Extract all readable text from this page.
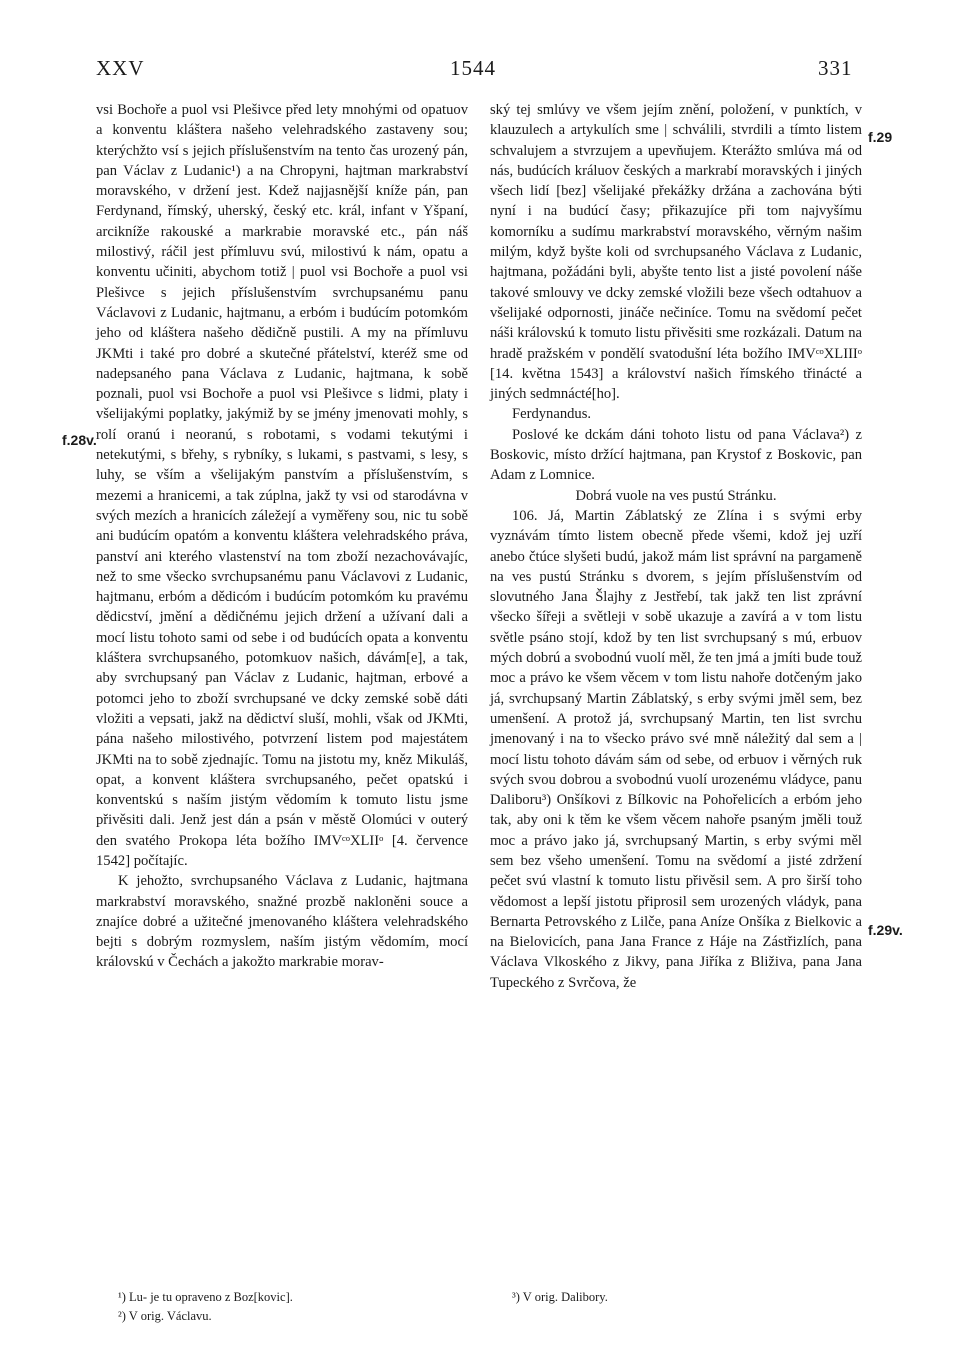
XXV	1544	331
f.28v.
f.29
f.29v.

vsi Bochoře a puol vsi Plešivce před lety mnohými od opatuov a konventu kláštera našeho velehradského zastaveny sou; kterýchžto vsí s jejich příslušenstvím na tento čas urozený pán, pan Václav z Ludanic¹) a na Chropyni, hajtman markrabství moravského, v držení jest. Kdež najjasnější kníže pán, pan Ferdynand, římský, uherský, český etc. král, infant v Yšpaní, arcikníže rakouské a markrabie moravské etc., pán náš milostivý, ráčil jest přímluvu svú, milostivú k nám, opatu a konventu učiniti, abychom totiž | puol vsi Bochoře a puol vsi Plešivce s jejich příslušenstvím svrchupsanému panu Václavovi z Ludanic, hajtmanu, a erbóm i budúcím potomkóm jeho od kláštera našeho dědičně pustili. A my na přímluvu JKMti i také pro dobré a skutečné přátelství, kteréž sme od nadepsaného pana Václava z Ludanic, hajtmana, k sobě poznali, puol vsi Bochoře a puol vsi Plešivce s lidmi, platy i všelijakými poplatky, jakýmiž by se jmény jmenovati mohly, s rolí oranú i neoranú, s robotami, s vodami tekutými i netekutými, s břehy, s rybníky, s lukami, s pastvami, s lesy, s luhy, se vším a všelijakým panstvím a příslušenstvím, s mezemi a hranicemi, a tak zúplna, jakž ty vsi od starodávna v svých mezích a hranicích záležejí a vyměřeny sou, nic tu sobě ani budúcím opatóm a konventu kláštera velehradského práva, panství ani kterého vlastenství na tom zboží nezachovávajíc, než to sme všecko svrchupsanému panu Václavovi z Ludanic, hajtmanu, erbóm a dědicóm i budúcím potomkóm ku pravému dědicství, jmění a dědičnému jejich držení a užívaní dali a mocí listu tohoto sami od sebe i od budúcích opata a konventu kláštera svrchupsaného, potomkuov našich, dávám[e], a tak, aby svrchupsaný pan Václav z Ludanic, hajtman, erbové a potomci jeho to zboží svrchupsané ve dcky zemské sobě dáti vložiti a vepsati, jakž na dědictví sluší, mohli, však od JKMti, pána našeho milostivého, potvrzení listem pod majestátem JKMti na to sobě zjednajíc. Tomu na jistotu my, kněz Mikuláš, opat, a konvent kláštera svrchupsaného, pečet opatskú i konventskú s naším jistým vědomím k tomuto listu jsme přivěsiti dali. Jenž jest dán a psán v městě Olomúci v outerý den svatého Prokopa léta božího IMVᶜᵒXLIIᵒ [4. července 1542] počítajíc.

K jehožto, svrchupsaného Václava z Ludanic, hajtmana markrabství moravského, snažné prozbě nakloněni souce a znajíce dobré a užitečné jmenovaného kláštera velehradského bejti s dobrým rozmyslem, naším jistým vědomím, mocí královskú v Čechách a jakožto markrabie morav-

ský tej smlúvy ve všem jejím znění, položení, v punktích, v klauzulech a artykulích sme | schválili, stvrdili a tímto listem schvalujem a stvrzujem a upevňujem. Kterážto smlúva má od nás, budúcích králuov českých a markrabí moravských i jiných všech lidí [bez] všelijaké překážky držána a zachována býti nyní i na budúcí časy; přikazujíce při tom najvyšímu komorníku a sudímu markrabství moravského, věrným našim milým, když byšte koli od svrchupsaného Václava z Ludanic, hajtmana, požádáni byli, abyšte tento list a jisté povolení náše takové smlouvy ve dcky zemské vložili beze všech odtahuov a všelijaké odpornosti, jináče nečiníce. Tomu na svědomí pečet náši královskú k tomuto listu přivěsiti sme rozkázali. Datum na hradě pražském v pondělí svatodušní léta božího IMVᶜᵒXLIIIᵒ [14. května 1543] a království našich římského třinácté a jiných sedmnácté[ho].

Ferdynandus.

Poslové ke dckám dáni tohoto listu od pana Václava²) z Boskovic, místo držící hajtmana, pan Krystof z Boskovic, pan Adam z Lomnice.

Dobrá vuole na ves pustú Stránku.

106. Já, Martin Záblatský ze Zlína i s svými erby vyznávám tímto listem obecně přede všemi, kdož jej uzří anebo čtúce slyšeti budú, jakož mám list správní na pargameně na ves pustú Stránku s dvorem, s jejím příslušenstvím od slovutného Jana Šlajhy z Jestřebí, tak jakž ten list zprávní všecko šířeji a světleji v sobě ukazuje a zavírá a v tom listu světle psáno stojí, kdož by ten list svrchupsaný s mú, erbuov mých dobrú a svobodnú vuolí měl, že ten jmá a jmíti bude touž moc a právo ke všem věcem v tom listu nahoře dotčeným jako já, svrchupsaný Martin Záblatský, s erby svými jměl sem, bez umenšení. A protož já, svrchupsaný Martin, ten list svrchu jmenovaný i na to všecko právo své mně náležitý dal sem a | mocí listu tohoto dávám sám od sebe, od erbuov i věrných ruk svých svou dobrou a svobodnú vuolí urozenému vládyce, panu Daliboru³) Onšíkovi z Bílkovic na Pohořelicích a erbóm jeho tak, aby oni k těm ke všem věcem nahoře psaným jměli touž moc a právo jako já, svrchupsaný Martin, s erby svými měl sem bez všeho umenšení. Tomu na svědomí a jisté zdržení pečet svú vlastní k tomuto listu přivěsil sem. A pro širší toho vědomost a lepší jistotu připrosil sem urozených vládyk, pana Bernarta Petrovského z Lilče, pana Aníze Onšíka z Bielkovic a na Bielovicích, pana Jana France z Háje na Zástřizlích, pana Václava Vlkoského z Jikvy, pana Jiříka z Bliživa, pana Jana Tupeckého z Svrčova, že

¹) Lu- je tu opraveno z Boz[kovic].

²) V orig. Václavu.

³) V orig. Dalibory.
